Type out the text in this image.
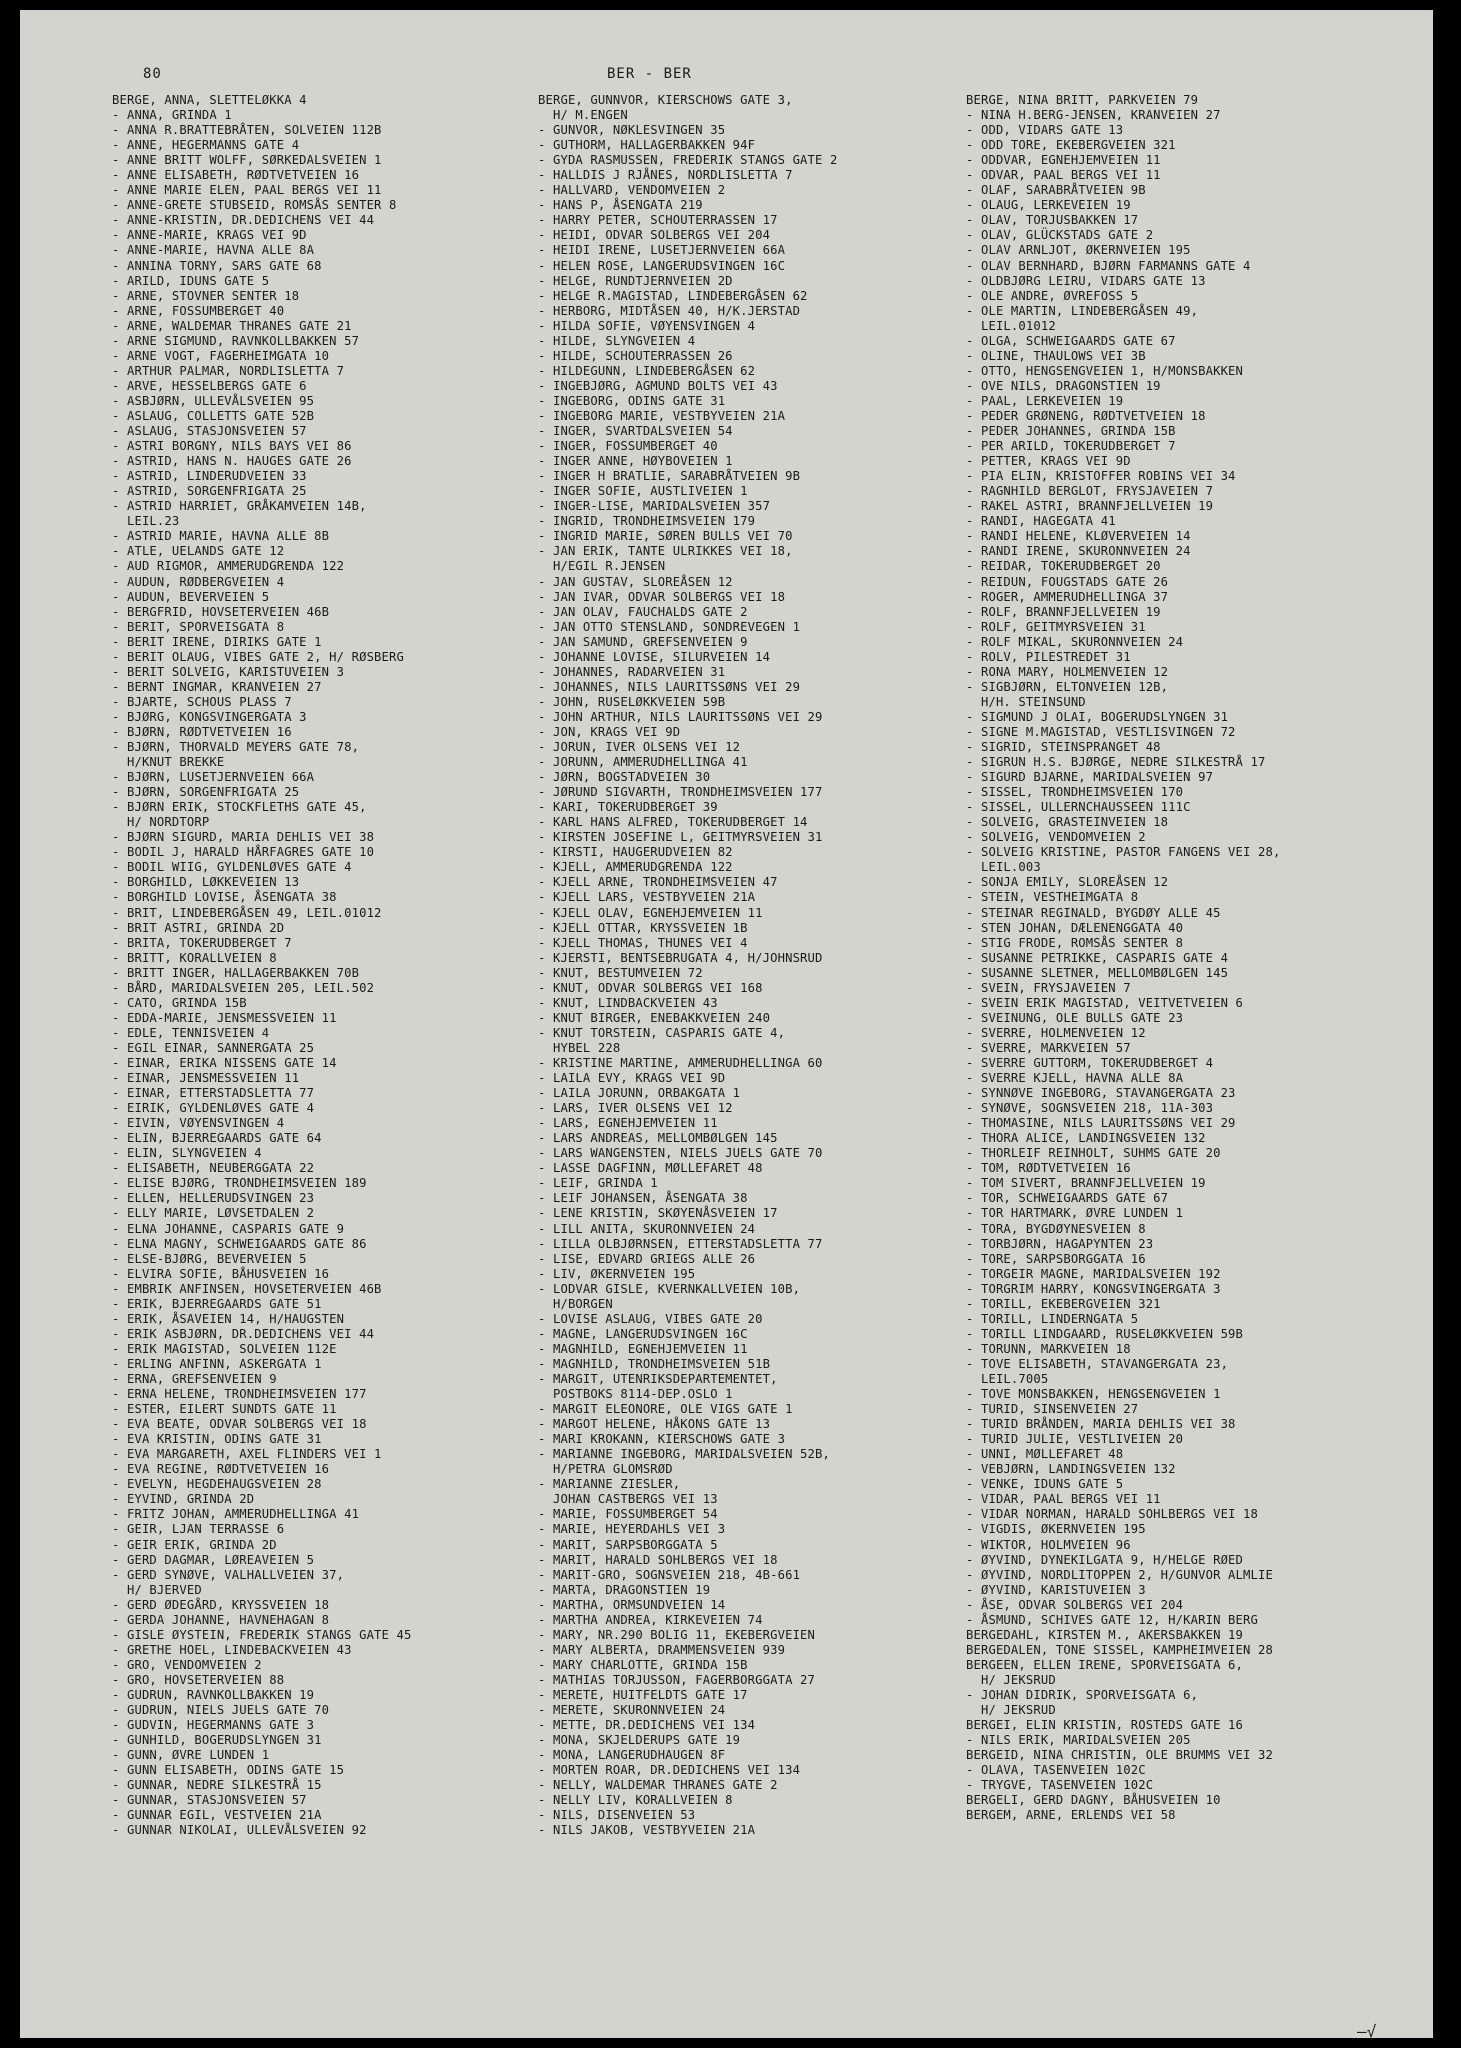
80	BER - BER
BERGE, ANNA, SLETTELØKKA 4
- ANNA, GRINDA 1
- ANNA R.BRATTEBRÅTEN, SOLVEIEN 112B
- ANNE, HEGERMANNS GATE 4
- ANNE BRITT WOLFF, SØRKEDALSVEIEN 1
- ANNE ELISABETH, RØDTVETVEIEN 16
- ANNE MARIE ELEN, PAAL BERGS VEI 11
- ANNE-GRETE STUBSEID, ROMSÅS SENTER 8
- ANNE-KRISTIN, DR.DEDICHENS VEI 44
- ANNE-MARIE, KRAGS VEI 9D
- ANNE-MARIE, HAVNA ALLE 8A
- ANNINA TORNY, SARS GATE 68
- ARILD, IDUNS GATE 5
- ARNE, STOVNER SENTER 18
- ARNE, FOSSUMBERGET 40
- ARNE, WALDEMAR THRANES GATE 21
- ARNE SIGMUND, RAVNKOLLBAKKEN 57
- ARNE VOGT, FAGERHEIMGATA 10
- ARTHUR PALMAR, NORDLISLETTA 7
- ARVE, HESSELBERGS GATE 6
- ASBJØRN, ULLEVÅLSVEIEN 95
- ASLAUG, COLLETTS GATE 52B
- ASLAUG, STASJONSVEIEN 57
- ASTRI BORGNY, NILS BAYS VEI 86
- ASTRID, HANS N. HAUGES GATE 26
- ASTRID, LINDERUDVEIEN 33
- ASTRID, SORGENFRIGATA 25
- ASTRID HARRIET, GRÅKAMVEIEN 14B,
LEIL.23
- ASTRID MARIE, HAVNA ALLE 8B
- ATLE, UELANDS GATE 12
- AUD RIGMOR, AMMERUDGRENDA 122
- AUDUN, RØDBERGVEIEN 4
- AUDUN, BEVERVEIEN 5
- BERGFRID, HOVSETERVEIEN 46B
- BERIT, SPORVEISGATA 8
- BERIT IRENE, DIRIKS GATE 1
- BERIT OLAUG, VIBES GATE 2, H/ RØSBERG
- BERIT SOLVEIG, KARISTUVEIEN 3
- BERNT INGMAR, KRANVEIEN 27
- BJARTE, SCHOUS PLASS 7
- BJØRG, KONGSVINGERGATA 3
- BJØRN, RØDTVETVEIEN 16
- BJØRN, THORVALD MEYERS GATE 78,
H/KNUT BREKKE
- BJØRN, LUSETJERNVEIEN 66A
- BJØRN, SORGENFRIGATA 25
- BJØRN ERIK, STOCKFLETHS GATE 45,
H/ NORDTORP
- BJØRN SIGURD, MARIA DEHLIS VEI 38
- BODIL J, HARALD HÅRFAGRES GATE 10
- BODIL WIIG, GYLDENLØVES GATE 4
- BORGHILD, LØKKEVEIEN 13
- BORGHILD LOVISE, ÅSENGATA 38
- BRIT, LINDEBERGÅSEN 49, LEIL.01012
- BRIT ASTRI, GRINDA 2D
- BRITA, TOKERUDBERGET 7
- BRITT, KORALLVEIEN 8
- BRITT INGER, HALLAGERBAKKEN 70B
- BÅRD, MARIDALSVEIEN 205, LEIL.502
- CATO, GRINDA 15B
- EDDA-MARIE, JENSMESSVEIEN 11
- EDLE, TENNISVEIEN 4
- EGIL EINAR, SANNERGATA 25
- EINAR, ERIKA NISSENS GATE 14
- EINAR, JENSMESSVEIEN 11
- EINAR, ETTERSTADSLETTA 77
- EIRIK, GYLDENLØVES GATE 4
- EIVIN, VØYENSVINGEN 4
- ELIN, BJERREGAARDS GATE 64
- ELIN, SLYNGVEIEN 4
- ELISABETH, NEUBERGGATA 22
- ELISE BJØRG, TRONDHEIMSVEIEN 189
- ELLEN, HELLERUDSVINGEN 23
- ELLY MARIE, LØVSETDALEN 2
- ELNA JOHANNE, CASPARIS GATE 9
- ELNA MAGNY, SCHWEIGAARDS GATE 86
- ELSE-BJØRG, BEVERVEIEN 5
- ELVIRA SOFIE, BÅHUSVEIEN 16
- EMBRIK ANFINSEN, HOVSETERVEIEN 46B
- ERIK, BJERREGAARDS GATE 51
- ERIK, ÅSAVEIEN 14, H/HAUGSTEN
- ERIK ASBJØRN, DR.DEDICHENS VEI 44
- ERIK MAGISTAD, SOLVEIEN 112E
- ERLING ANFINN, ASKERGATA 1
- ERNA, GREFSENVEIEN 9
- ERNA HELENE, TRONDHEIMSVEIEN 177
- ESTER, EILERT SUNDTS GATE 11
- EVA BEATE, ODVAR SOLBERGS VEI 18
- EVA KRISTIN, ODINS GATE 31
- EVA MARGARETH, AXEL FLINDERS VEI 1
- EVA REGINE, RØDTVETVEIEN 16
- EVELYN, HEGDEHAUGSVEIEN 28
- EYVIND, GRINDA 2D
- FRITZ JOHAN, AMMERUDHELLINGA 41
- GEIR, LJAN TERRASSE 6
- GEIR ERIK, GRINDA 2D
- GERD DAGMAR, LØREAVEIEN 5
- GERD SYNØVE, VALHALLVEIEN 37,
H/ BJERVED
- GERD ØDEGÅRD, KRYSSVEIEN 18
- GERDA JOHANNE, HAVNEHAGAN 8
- GISLE ØYSTEIN, FREDERIK STANGS GATE 45
- GRETHE HOEL, LINDEBACKVEIEN 43
- GRO, VENDOMVEIEN 2
- GRO, HOVSETERVEIEN 88
- GUDRUN, RAVNKOLLBAKKEN 19
- GUDRUN, NIELS JUELS GATE 70
- GUDVIN, HEGERMANNS GATE 3
- GUNHILD, BOGERUDSLYNGEN 31
- GUNN, ØVRE LUNDEN 1
- GUNN ELISABETH, ODINS GATE 15
- GUNNAR, NEDRE SILKESTRÅ 15
- GUNNAR, STASJONSVEIEN 57
- GUNNAR EGIL, VESTVEIEN 21A
- GUNNAR NIKOLAI, ULLEVÅLSVEIEN 92
BERGE, GUNNVOR, KIERSCHOWS GATE 3,
H/ M.ENGEN
- GUNVOR, NØKLESVINGEN 35
- GUTHORM, HALLAGERBAKKEN 94F
- GYDA RASMUSSEN, FREDERIK STANGS GATE 2
- HALLDIS J RJÅNES, NORDLISLETTA 7
- HALLVARD, VENDOMVEIEN 2
- HANS P, ÅSENGATA 219
- HARRY PETER, SCHOUTERRASSEN 17
- HEIDI, ODVAR SOLBERGS VEI 204
- HEIDI IRENE, LUSETJERNVEIEN 66A
- HELEN ROSE, LANGERUDSVINGEN 16C
- HELGE, RUNDTJERNVEIEN 2D
- HELGE R.MAGISTAD, LINDEBERGÅSEN 62
- HERBORG, MIDTÅSEN 40, H/K.JERSTAD
- HILDA SOFIE, VØYENSVINGEN 4
- HILDE, SLYNGVEIEN 4
- HILDE, SCHOUTERRASSEN 26
- HILDEGUNN, LINDEBERGÅSEN 62
- INGEBJØRG, AGMUND BOLTS VEI 43
- INGEBORG, ODINS GATE 31
- INGEBORG MARIE, VESTBYVEIEN 21A
- INGER, SVARTDALSVEIEN 54
- INGER, FOSSUMBERGET 40
- INGER ANNE, HØYBOVEIEN 1
- INGER H BRATLIE, SARABRÅTVEIEN 9B
- INGER SOFIE, AUSTLIVEIEN 1
- INGER-LISE, MARIDALSVEIEN 357
- INGRID, TRONDHEIMSVEIEN 179
- INGRID MARIE, SØREN BULLS VEI 70
- JAN ERIK, TANTE ULRIKKES VEI 18,
H/EGIL R.JENSEN
- JAN GUSTAV, SLOREÅSEN 12
- JAN IVAR, ODVAR SOLBERGS VEI 18
- JAN OLAV, FAUCHALDS GATE 2
- JAN OTTO STENSLAND, SONDREVEGEN 1
- JAN SAMUND, GREFSENVEIEN 9
- JOHANNE LOVISE, SILURVEIEN 14
- JOHANNES, RADARVEIEN 31
- JOHANNES, NILS LAURITSSØNS VEI 29
- JOHN, RUSELØKKVEIEN 59B
- JOHN ARTHUR, NILS LAURITSSØNS VEI 29
- JON, KRAGS VEI 9D
- JORUN, IVER OLSENS VEI 12
- JORUNN, AMMERUDHELLINGA 41
- JØRN, BOGSTADVEIEN 30
- JØRUND SIGVARTH, TRONDHEIMSVEIEN 177
- KARI, TOKERUDBERGET 39
- KARL HANS ALFRED, TOKERUDBERGET 14
- KIRSTEN JOSEFINE L, GEITMYRSVEIEN 31
- KIRSTI, HAUGERUDVEIEN 82
- KJELL, AMMERUDGRENDA 122
- KJELL ARNE, TRONDHEIMSVEIEN 47
- KJELL LARS, VESTBYVEIEN 21A
- KJELL OLAV, EGNEHJEMVEIEN 11
- KJELL OTTAR, KRYSSVEIEN 1B
- KJELL THOMAS, THUNES VEI 4
- KJERSTI, BENTSEBRUGATA 4, H/JOHNSRUD
- KNUT, BESTUMVEIEN 72
- KNUT, ODVAR SOLBERGS VEI 168
- KNUT, LINDBACKVEIEN 43
- KNUT BIRGER, ENEBAKKVEIEN 240
- KNUT TORSTEIN, CASPARIS GATE 4,
HYBEL 228
- KRISTINE MARTINE, AMMERUDHELLINGA 60
- LAILA EVY, KRAGS VEI 9D
- LAILA JORUNN, ORBAKGATA 1
- LARS, IVER OLSENS VEI 12
- LARS, EGNEHJEMVEIEN 11
- LARS ANDREAS, MELLOMBØLGEN 145
- LARS WANGENSTEN, NIELS JUELS GATE 70
- LASSE DAGFINN, MØLLEFARET 48
- LEIF, GRINDA 1
- LEIF JOHANSEN, ÅSENGATA 38
- LENE KRISTIN, SKØYENÅSVEIEN 17
- LILL ANITA, SKURONNVEIEN 24
- LILLA OLBJØRNSEN, ETTERSTADSLETTA 77
- LISE, EDVARD GRIEGS ALLE 26
- LIV, ØKERNVEIEN 195
- LODVAR GISLE, KVERNKALLVEIEN 10B,
H/BORGEN
- LOVISE ASLAUG, VIBES GATE 20
- MAGNE, LANGERUDSVINGEN 16C
- MAGNHILD, EGNEHJEMVEIEN 11
- MAGNHILD, TRONDHEIMSVEIEN 51B
- MARGIT, UTENRIKSDEPARTEMENTET,
POSTBOKS 8114-DEP.OSLO 1
- MARGIT ELEONORE, OLE VIGS GATE 1
- MARGOT HELENE, HÅKONS GATE 13
- MARI KROKANN, KIERSCHOWS GATE 3
- MARIANNE INGEBORG, MARIDALSVEIEN 52B,
H/PETRA GLOMSRØD
- MARIANNE ZIESLER,
JOHAN CASTBERGS VEI 13
- MARIE, FOSSUMBERGET 54
- MARIE, HEYERDAHLS VEI 3
- MARIT, SARPSBORGGATA 5
- MARIT, HARALD SOHLBERGS VEI 18
- MARIT-GRO, SOGNSVEIEN 218, 4B-661
- MARTA, DRAGONSTIEN 19
- MARTHA, ORMSUNDVEIEN 14
- MARTHA ANDREA, KIRKEVEIEN 74
- MARY, NR.290 BOLIG 11, EKEBERGVEIEN
- MARY ALBERTA, DRAMMENSVEIEN 939
- MARY CHARLOTTE, GRINDA 15B
- MATHIAS TORJUSSON, FAGERBORGGATA 27
- MERETE, HUITFELDTS GATE 17
- MERETE, SKURONNVEIEN 24
- METTE, DR.DEDICHENS VEI 134
- MONA, SKJELDERUPS GATE 19
- MONA, LANGERUDHAUGEN 8F
- MORTEN ROAR, DR.DEDICHENS VEI 134
- NELLY, WALDEMAR THRANES GATE 2
- NELLY LIV, KORALLVEIEN 8
- NILS, DISENVEIEN 53
- NILS JAKOB, VESTBYVEIEN 21A
BERGE, NINA BRITT, PARKVEIEN 79
- NINA H.BERG-JENSEN, KRANVEIEN 27
- ODD, VIDARS GATE 13
- ODD TORE, EKEBERGVEIEN 321
- ODDVAR, EGNEHJEMVEIEN 11
- ODVAR, PAAL BERGS VEI 11
- OLAF, SARABRÅTVEIEN 9B
- OLAUG, LERKEVEIEN 19
- OLAV, TORJUSBAKKEN 17
- OLAV, GLÜCKSTADS GATE 2
- OLAV ARNLJOT, ØKERNVEIEN 195
- OLAV BERNHARD, BJØRN FARMANNS GATE 4
- OLDBJØRG LEIRU, VIDARS GATE 13
- OLE ANDRE, ØVREFOSS 5
- OLE MARTIN, LINDEBERGÅSEN 49,
LEIL.01012
- OLGA, SCHWEIGAARDS GATE 67
- OLINE, THAULOWS VEI 3B
- OTTO, HENGSENGVEIEN 1, H/MONSBAKKEN
- OVE NILS, DRAGONSTIEN 19
- PAAL, LERKEVEIEN 19
- PEDER GRØNENG, RØDTVETVEIEN 18
- PEDER JOHANNES, GRINDA 15B
- PER ARILD, TOKERUDBERGET 7
- PETTER, KRAGS VEI 9D
- PIA ELIN, KRISTOFFER ROBINS VEI 34
- RAGNHILD BERGLOT, FRYSJAVEIEN 7
- RAKEL ASTRI, BRANNFJELLVEIEN 19
- RANDI, HAGEGATA 41
- RANDI HELENE, KLØVERVEIEN 14
- RANDI IRENE, SKURONNVEIEN 24
- REIDAR, TOKERUDBERGET 20
- REIDUN, FOUGSTADS GATE 26
- ROGER, AMMERUDHELLINGA 37
- ROLF, BRANNFJELLVEIEN 19
- ROLF, GEITMYRSVEIEN 31
- ROLF MIKAL, SKURONNVEIEN 24
- ROLV, PILESTREDET 31
- RONA MARY, HOLMENVEIEN 12
- SIGBJØRN, ELTONVEIEN 12B,
H/H. STEINSUND
- SIGMUND J OLAI, BOGERUDSLYNGEN 31
- SIGNE M.MAGISTAD, VESTLISVINGEN 72
- SIGRID, STEINSPRANGET 48
- SIGRUN H.S. BJØRGE, NEDRE SILKESTRÅ 17
- SIGURD BJARNE, MARIDALSVEIEN 97
- SISSEL, TRONDHEIMSVEIEN 170
- SISSEL, ULLERNCHAUSSEEN 111C
- SOLVEIG, GRASTEINVEIEN 18
- SOLVEIG, VENDOMVEIEN 2
- SOLVEIG KRISTINE, PASTOR FANGENS VEI 28,
LEIL.003
- SONJA EMILY, SLOREÅSEN 12
- STEIN, VESTHEIMGATA 8
- STEINAR REGINALD, BYGDØY ALLE 45
- STEN JOHAN, DÆLENENGGATA 40
- STIG FRODE, ROMSÅS SENTER 8
- SUSANNE PETRIKKE, CASPARIS GATE 4
- SUSANNE SLETNER, MELLOMBØLGEN 145
- SVEIN, FRYSJAVEIEN 7
- SVEIN ERIK MAGISTAD, VEITVETVEIEN 6
- SVEINUNG, OLE BULLS GATE 23
- SVERRE, HOLMENVEIEN 12
- SVERRE, MARKVEIEN 57
- SVERRE GUTTORM, TOKERUDBERGET 4
- SVERRE KJELL, HAVNA ALLE 8A
- SYNNØVE INGEBORG, STAVANGERGATA 23
- SYNØVE, SOGNSVEIEN 218, 11A-303
- THOMASINE, NILS LAURITSSØNS VEI 29
- THORA ALICE, LANDINGSVEIEN 132
- THORLEIF REINHOLT, SUHMS GATE 20
- TOM, RØDTVETVEIEN 16
- TOM SIVERT, BRANNFJELLVEIEN 19
- TOR, SCHWEIGAARDS GATE 67
- TOR HARTMARK, ØVRE LUNDEN 1
- TORA, BYGDØYNESVEIEN 8
- TORBJØRN, HAGAPYNTEN 23
- TORE, SARPSBORGGATA 16
- TORGEIR MAGNE, MARIDALSVEIEN 192
- TORGRIM HARRY, KONGSVINGERGATA 3
- TORILL, EKEBERGVEIEN 321
- TORILL, LINDERNGATA 5
- TORILL LINDGAARD, RUSELØKKVEIEN 59B
- TORUNN, MARKVEIEN 18
- TOVE ELISABETH, STAVANGERGATA 23,
LEIL.7005
- TOVE MONSBAKKEN, HENGSENGVEIEN 1
- TURID, SINSENVEIEN 27
- TURID BRÅNDEN, MARIA DEHLIS VEI 38
- TURID JULIE, VESTLIVEIEN 20
- UNNI, MØLLEFARET 48
- VEBJØRN, LANDINGSVEIEN 132
- VENKE, IDUNS GATE 5
- VIDAR, PAAL BERGS VEI 11
- VIDAR NORMAN, HARALD SOHLBERGS VEI 18
- VIGDIS, ØKERNVEIEN 195
- WIKTOR, HOLMVEIEN 96
- ØYVIND, DYNEKILGATA 9, H/HELGE RØED
- ØYVIND, NORDLITOPPEN 2, H/GUNVOR ALMLIE
- ØYVIND, KARISTUVEIEN 3
- ÅSE, ODVAR SOLBERGS VEI 204
- ÅSMUND, SCHIVES GATE 12, H/KARIN BERG
BERGEDAHL, KIRSTEN M., AKERSBAKKEN 19
BERGEDALEN, TONE SISSEL, KAMPHEIMVEIEN 28
BERGEEN, ELLEN IRENE, SPORVEISGATA 6,
H/ JEKSRUD
- JOHAN DIDRIK, SPORVEISGATA 6,
H/ JEKSRUD
BERGEI, ELIN KRISTIN, ROSTEDS GATE 16
- NILS ERIK, MARIDALSVEIEN 205
BERGEID, NINA CHRISTIN, OLE BRUMMS VEI 32
- OLAVA, TASENVEIEN 102C
- TRYGVE, TASENVEIEN 102C
BERGELI, GERD DAGNY, BÅHUSVEIEN 10
BERGEM, ARNE, ERLENDS VEI 58
—√
